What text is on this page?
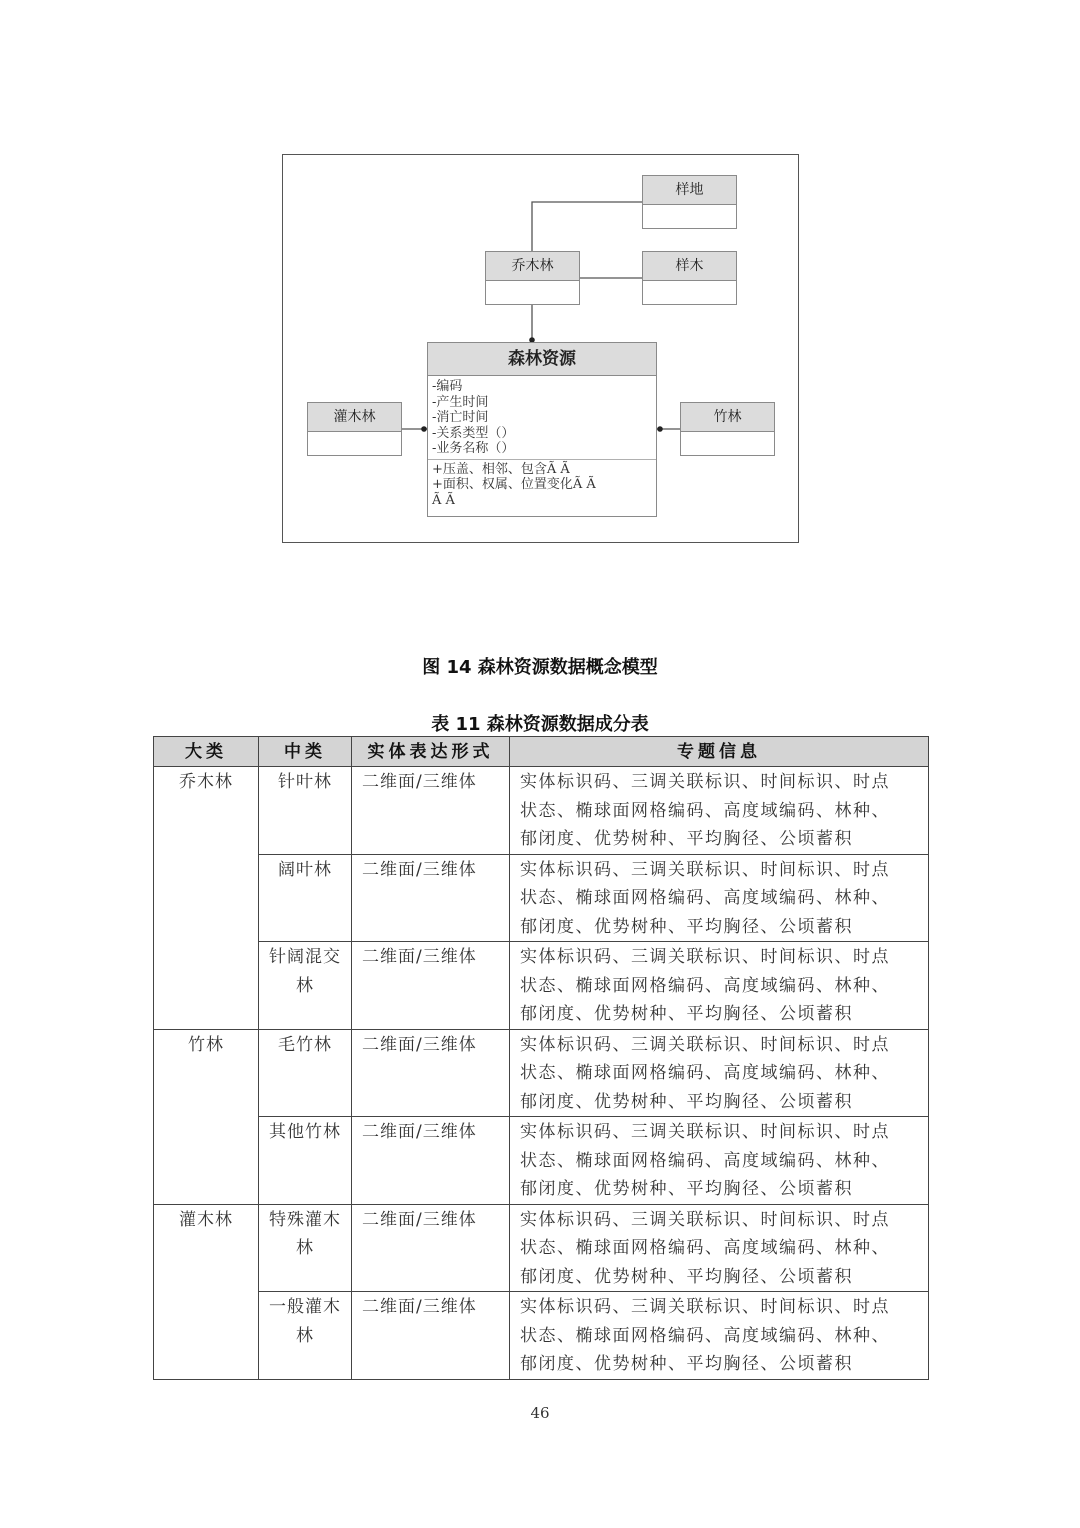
样地
乔木林	样木
森林资源
-编码
-产生时间
-消亡时间
-关系类型（）
-业务名称（）
+压盖、相邻、包含Ã Ã
+面积、权属、位置变化Ã Ã
Ã Ã
灌木林	竹林
图 14 森林资源数据概念模型
表 11 森林资源数据成分表
大类	中类	实体表达形式	专题信息
乔木林	针叶林	二维面/三维体	实体标识码、三调关联标识、时间标识、时点状态、椭球面网格编码、高度域编码、林种、郁闭度、优势树种、平均胸径、公顷蓄积
	阔叶林	二维面/三维体	实体标识码、三调关联标识、时间标识、时点状态、椭球面网格编码、高度域编码、林种、郁闭度、优势树种、平均胸径、公顷蓄积
	针阔混交林	二维面/三维体	实体标识码、三调关联标识、时间标识、时点状态、椭球面网格编码、高度域编码、林种、郁闭度、优势树种、平均胸径、公顷蓄积
竹林	毛竹林	二维面/三维体	实体标识码、三调关联标识、时间标识、时点状态、椭球面网格编码、高度域编码、林种、郁闭度、优势树种、平均胸径、公顷蓄积
	其他竹林	二维面/三维体	实体标识码、三调关联标识、时间标识、时点状态、椭球面网格编码、高度域编码、林种、郁闭度、优势树种、平均胸径、公顷蓄积
灌木林	特殊灌木林	二维面/三维体	实体标识码、三调关联标识、时间标识、时点状态、椭球面网格编码、高度域编码、林种、郁闭度、优势树种、平均胸径、公顷蓄积
	一般灌木林	二维面/三维体	实体标识码、三调关联标识、时间标识、时点状态、椭球面网格编码、高度域编码、林种、郁闭度、优势树种、平均胸径、公顷蓄积
46
